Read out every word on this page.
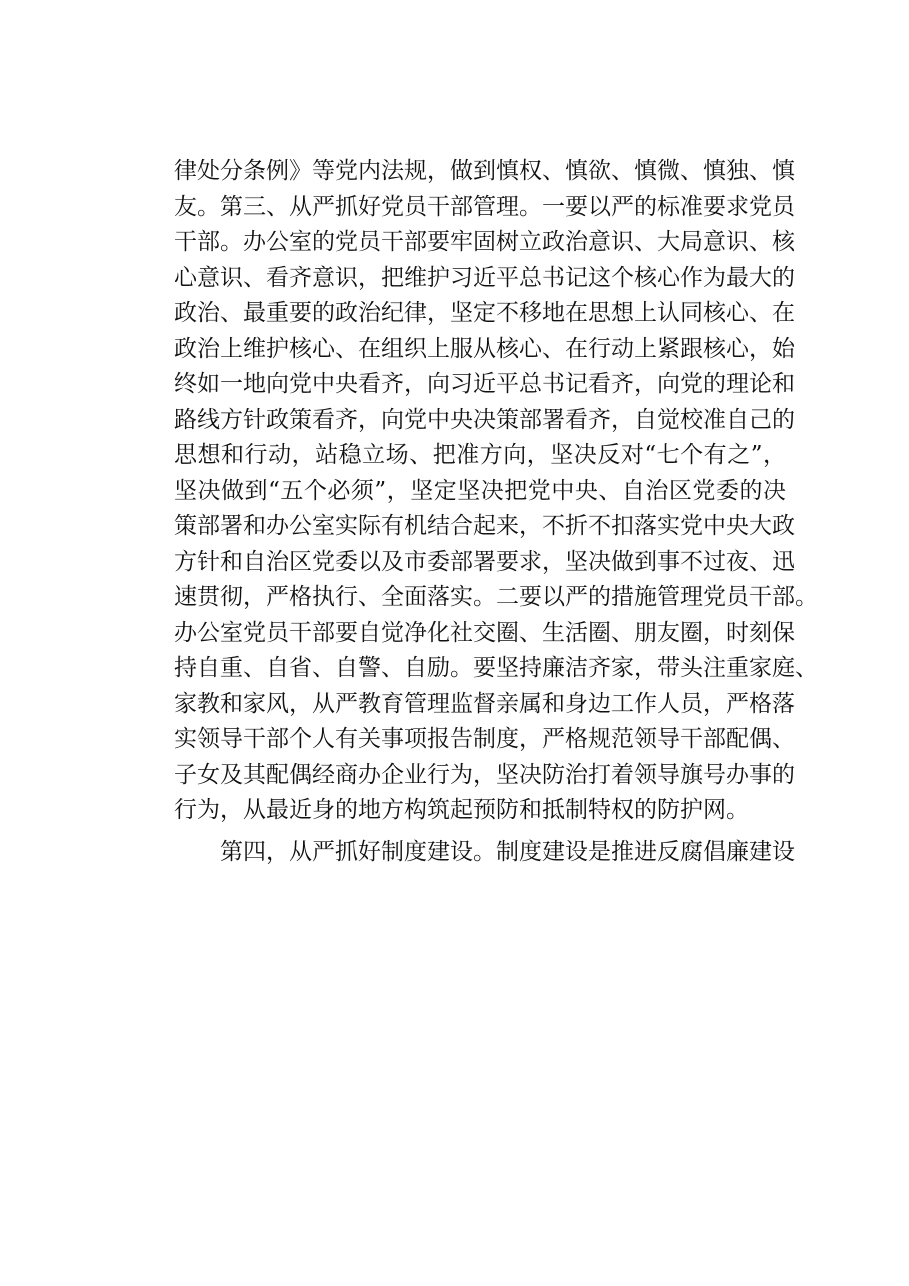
律处分条例》等党内法规，做到慎权、慎欲、慎微、慎独、慎
友。第三、从严抓好党员干部管理。一要以严的标准要求党员
干部。办公室的党员干部要牢固树立政治意识、大局意识、核
心意识、看齐意识，把维护习近平总书记这个核心作为最大的
政治、最重要的政治纪律，坚定不移地在思想上认同核心、在
政治上维护核心、在组织上服从核心、在行动上紧跟核心，始
终如一地向党中央看齐，向习近平总书记看齐，向党的理论和
路线方针政策看齐，向党中央决策部署看齐，自觉校准自己的
思想和行动，站稳立场、把准方向，坚决反对“七个有之”，
坚决做到“五个必须”，坚定坚决把党中央、自治区党委的决
策部署和办公室实际有机结合起来，不折不扣落实党中央大政
方针和自治区党委以及市委部署要求，坚决做到事不过夜、迅
速贯彻，严格执行、全面落实。二要以严的措施管理党员干部。
办公室党员干部要自觉净化社交圈、生活圈、朋友圈，时刻保
持自重、自省、自警、自励。要坚持廉洁齐家，带头注重家庭、
家教和家风，从严教育管理监督亲属和身边工作人员，严格落
实领导干部个人有关事项报告制度，严格规范领导干部配偶、
子女及其配偶经商办企业行为，坚决防治打着领导旗号办事的
行为，从最近身的地方构筑起预防和抵制特权的防护网。
　　第四，从严抓好制度建设。制度建设是推进反腐倡廉建设
